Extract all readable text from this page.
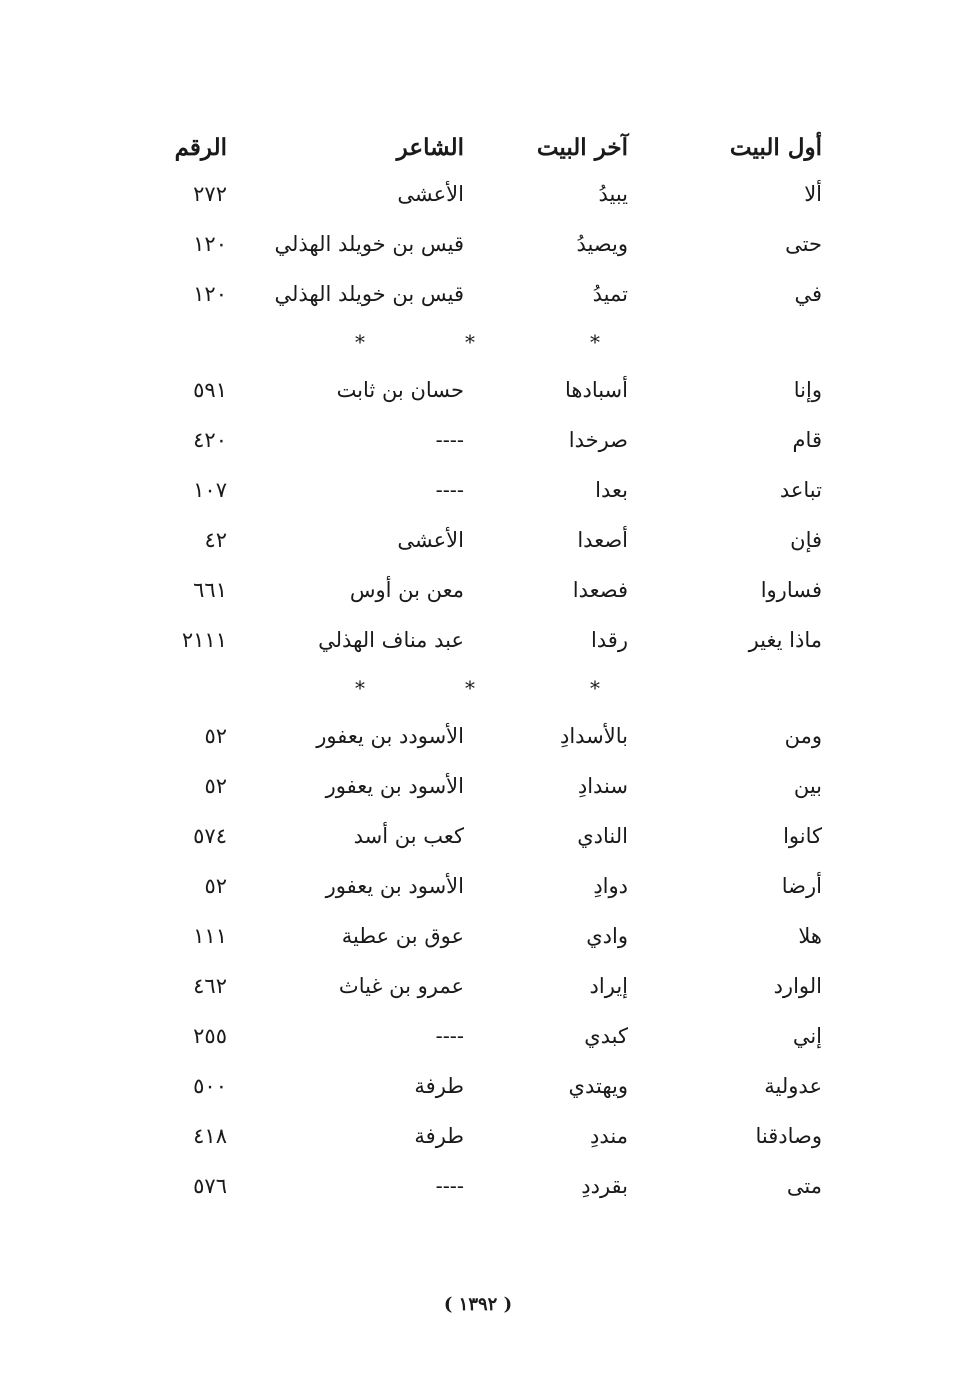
أول البيت
آخر البيت
الشاعر
الرقم
ألا
يبيدُ
الأعشى
٢٧٢
حتى
ويصيدُ
قيس بن خويلد الهذلي
١٢٠
في
تميدُ
قيس بن خويلد الهذلي
١٢٠
*
*
*
وإنا
أسبادها
حسان بن ثابت
٥٩١
قام
صرخدا
----
٤٢٠
تباعد
بعدا
----
١٠٧
فإن
أصعدا
الأعشى
٤٢
فساروا
فصعدا
معن بن أوس
٦٦١
ماذا يغير
رقدا
عبد مناف الهذلي
٢١١١
*
*
*
ومن
بالأسدادِ
الأسودد بن يعفور
٥٢
بين
سندادِ
الأسود بن يعفور
٥٢
كانوا
النادي
كعب بن أسد
٥٧٤
أرضا
دوادِ
الأسود بن يعفور
٥٢
هلا
وادي
عوق بن عطية
١١١
الوارد
إيراد
عمرو بن غياث
٤٦٢
إني
كبدي
----
٢٥٥
عدولية
ويهتدي
طرفة
٥٠٠
وصادقنا
منددِ
طرفة
٤١٨
متى
بقرددِ
----
٥٧٦
( ١٣٩٢ )
